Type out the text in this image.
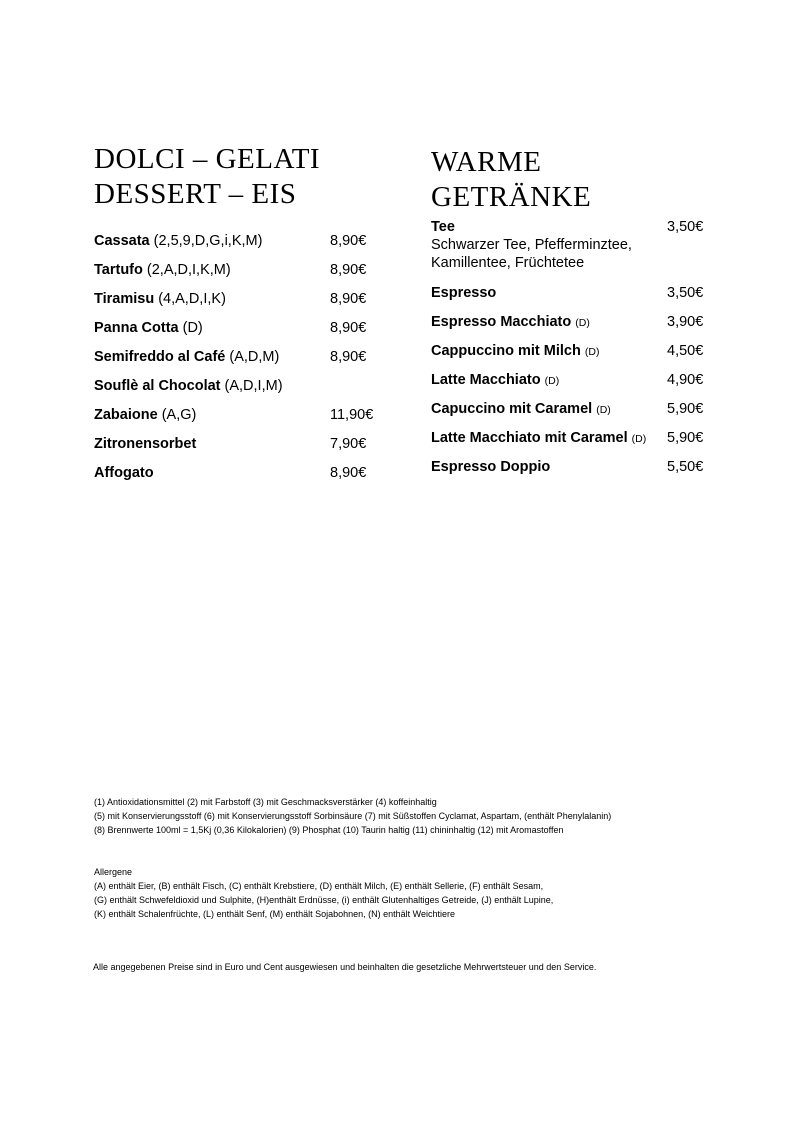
DOLCI – GELATI
DESSERT – EIS
Cassata (2,5,9,D,G,i,K,M)	8,90€
Tartufo (2,A,D,I,K,M)	8,90€
Tiramisu (4,A,D,I,K)	8,90€
Panna Cotta (D)	8,90€
Semifreddo al Café (A,D,M)	8,90€
Souflè al Chocolat (A,D,I,M)
Zabaione (A,G)	11,90€
Zitronensorbet	7,90€
Affogato	8,90€
WARME
GETRÄNKE
Tee	3,50€
Schwarzer Tee, Pfefferminztee,
Kamillentee, Früchtetee
Espresso	3,50€
Espresso Macchiato (D)	3,90€
Cappuccino mit Milch (D)	4,50€
Latte Macchiato (D)	4,90€
Capuccino mit Caramel (D)	5,90€
Latte Macchiato mit Caramel (D) 5,90€
Espresso Doppio	5,50€
(1) Antioxidationsmittel (2) mit Farbstoff (3) mit Geschmacksverstärker (4) koffeinhaltig
(5) mit Konservierungsstoff (6) mit Konservierungsstoff Sorbinsäure (7) mit Süßstoffen Cyclamat, Aspartam, (enthält Phenylalanin)
(8) Brennwerte 100ml = 1,5Kj (0,36 Kilokalorien) (9) Phosphat (10) Taurin haltig (11) chininhaltig (12) mit Aromastoffen
Allergene
(A) enthält Eier, (B) enthält Fisch, (C) enthält Krebstiere, (D) enthält Milch, (E) enthält Sellerie, (F) enthält Sesam,
(G) enthält Schwefeldioxid und Sulphite, (H)enthält Erdnüsse, (i) enthält Glutenhaltiges Getreide, (J) enthält Lupine,
(K) enthält Schalenfrüchte, (L) enthält Senf, (M) enthält Sojabohnen, (N) enthält Weichtiere
Alle angegebenen Preise sind in Euro und Cent ausgewiesen und beinhalten die gesetzliche Mehrwertsteuer und den Service.
